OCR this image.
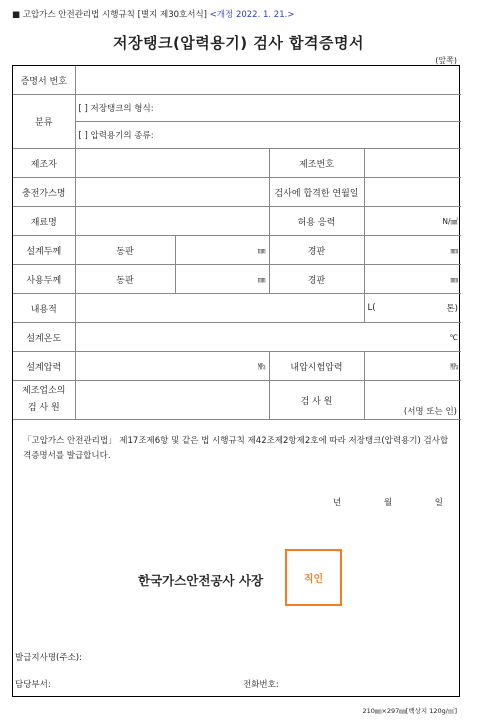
■ 고압가스 안전관리법 시행규칙 [별지 제30호서식] <개정 2022. 1. 21.>
저장탱크(압력용기) 검사 합격증명서
(앞쪽)
증명서 번호				
분류	[ ] 저장탱크의 형식:			
	[ ] 압력용기의 종류:			
제조자			제조번호	
충전가스명			검사에 합격한 연월일	
재료명			허용 응력	N/㎟
설계두께	동판	㎜	경판	㎜
사용두께	동판	㎜	경판	㎜
내용적				L( 톤)

설계온도	℃			
설계압력	㎫		내압시험압력	㎫
제조업소의
검 사 원			검 사 원	(서명 또는 인)
「고압가스 안전관리법」 제17조제6항 및 같은 법 시행규칙 제42조제2항제2호에 따라 저장탱크(압력용기) 검사합격증명서를 발급합니다.
년	월	일
한국가스안전공사 사장	직인
발급지사명(주소):
담당부서:	전화번호:
210㎜×297㎜[백상지 120g/㎡]
